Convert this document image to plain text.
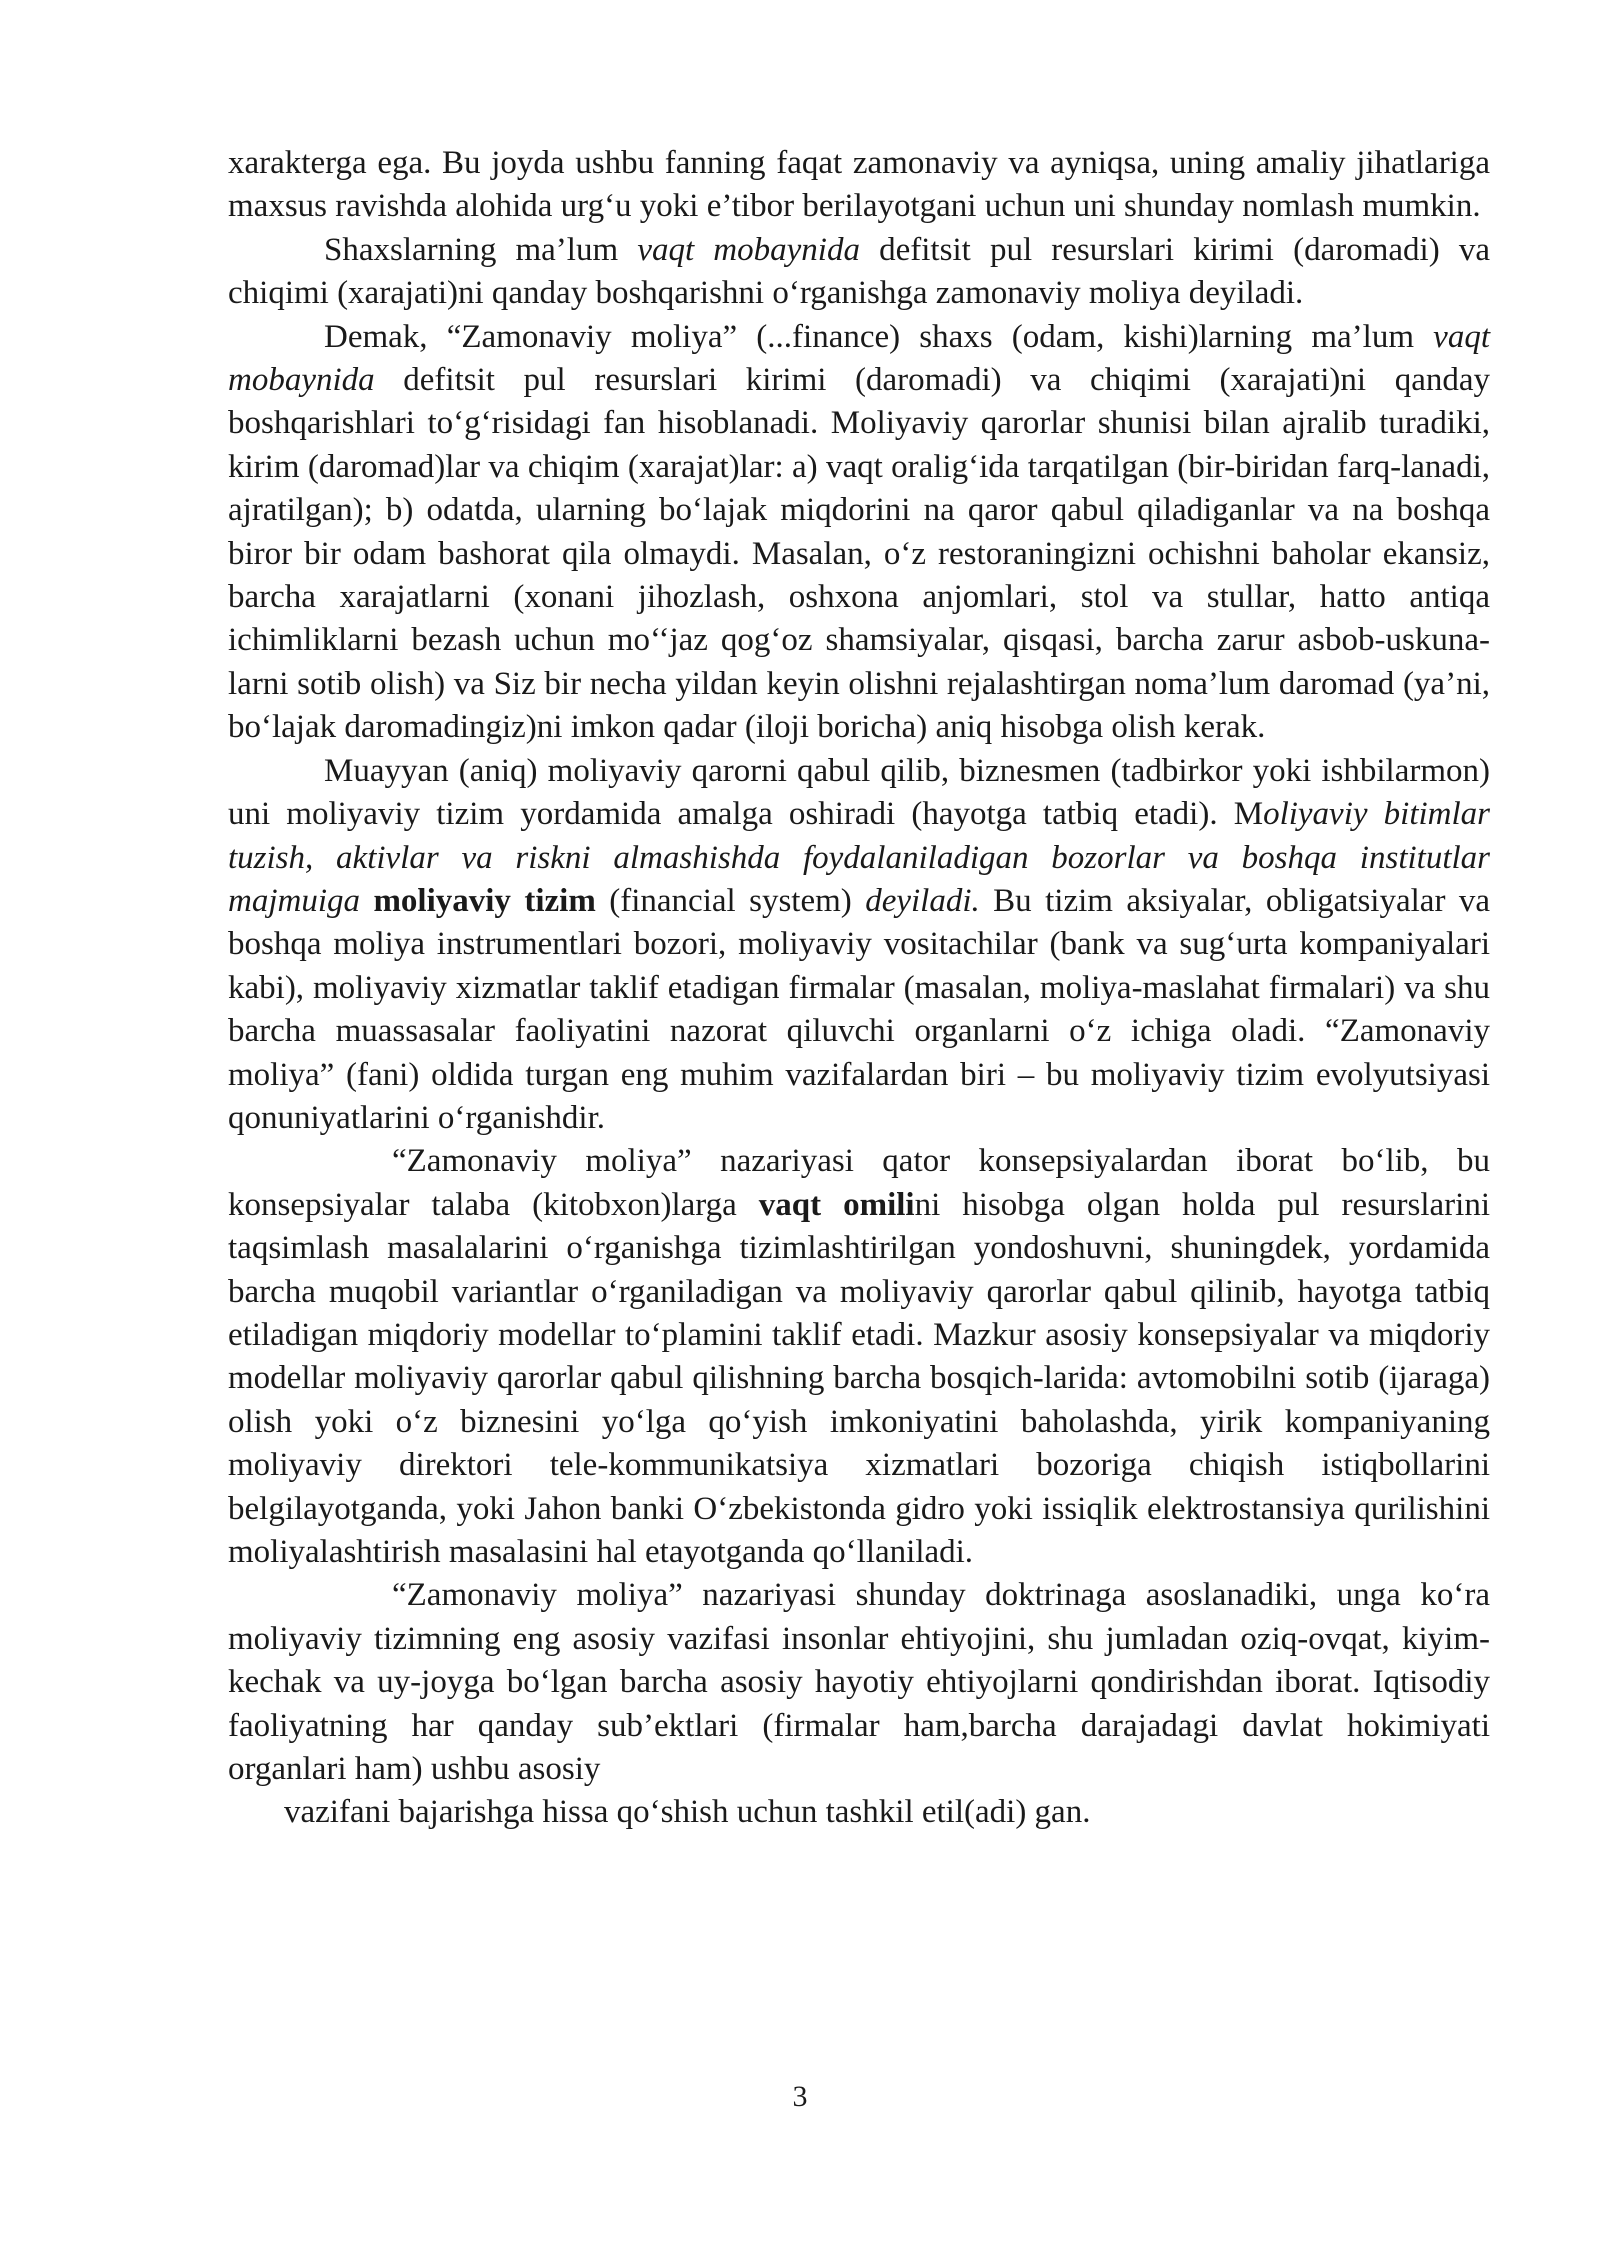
xarakterga ega. Bu joyda ushbu fanning faqat zamonaviy va ayniqsa, uning amaliy jihatlariga maxsus ravishda alohida urg‘u yoki e’tibor berilayotgani uchun uni shunday nomlash mumkin.

Shaxslarning ma’lum vaqt mobaynida defitsit pul resurslari kirimi (daromadi) va chiqimi (xarajati)ni qanday boshqarishni o‘rganishga zamonaviy moliya deyiladi.

Demak, “Zamonaviy moliya” (...finance) shaxs (odam, kishi)larning ma’lum vaqt mobaynida defitsit pul resurslari kirimi (daromadi) va chiqimi (xarajati)ni qanday boshqarishlari to‘g‘risidagi fan hisoblanadi. Moliyaviy qarorlar shunisi bilan ajralib turadiki, kirim (daromad)lar va chiqim (xarajat)lar: a) vaqt oralig‘ida tarqatilgan (bir-biridan farq-lanadi, ajratilgan); b) odatda, ularning bo‘lajak miqdorini na qaror qabul qiladiganlar va na boshqa biror bir odam bashorat qila olmaydi. Masalan, o‘z restoraningizni ochishni baholar ekansiz, barcha xarajatlarni (xonani jihozlash, oshxona anjomlari, stol va stullar, hatto antiqa ichimliklarni bezash uchun mo‘‘jaz qog‘oz shamsiyalar, qisqasi, barcha zarur asbob-uskuna-larni sotib olish) va Siz bir necha yildan keyin olishni rejalashtirgan noma’lum daromad (ya’ni, bo‘lajak daromadingiz)ni imkon qadar (iloji boricha) aniq hisobga olish kerak.

Muayyan (aniq) moliyaviy qarorni qabul qilib, biznesmen (tadbirkor yoki ishbilarmon) uni moliyaviy tizim yordamida amalga oshiradi (hayotga tatbiq etadi). Moliyaviy bitimlar tuzish, aktivlar va riskni almashishda foydalaniladigan bozorlar va boshqa institutlar majmuiga moliyaviy tizim (financial system) deyiladi. Bu tizim aksiyalar, obligatsiyalar va boshqa moliya instrumentlari bozori, moliyaviy vositachilar (bank va sug‘urta kompaniyalari kabi), moliyaviy xizmatlar taklif etadigan firmalar (masalan, moliya-maslahat firmalari) va shu barcha muassasalar faoliyatini nazorat qiluvchi organlarni o‘z ichiga oladi. “Zamonaviy moliya” (fani) oldida turgan eng muhim vazifalardan biri – bu moliyaviy tizim evolyutsiyasi qonuniyatlarini o‘rganishdir.

“Zamonaviy moliya” nazariyasi qator konsepsiyalardan iborat bo‘lib, bu konsepsiyalar talaba (kitobxon)larga vaqt omilini hisobga olgan holda pul resurslarini taqsimlash masalalarini o‘rganishga tizimlashtirilgan yondoshuvni, shuningdek, yordamida barcha muqobil variantlar o‘rganiladigan va moliyaviy qarorlar qabul qilinib, hayotga tatbiq etiladigan miqdoriy modellar to‘plamini taklif etadi. Mazkur asosiy konsepsiyalar va miqdoriy modellar moliyaviy qarorlar qabul qilishning barcha bosqich-larida: avtomobilni sotib (ijaraga) olish yoki o‘z biznesini yo‘lga qo‘yish imkoniyatini baholashda, yirik kompaniyaning moliyaviy direktori tele-kommunikatsiya xizmatlari bozoriga chiqish istiqbollarini belgilayotganda, yoki Jahon banki O‘zbekistonda gidro yoki issiqlik elektrostansiya qurilishini moliyalashtirish masalasini hal etayotganda qo‘llaniladi.

“Zamonaviy moliya” nazariyasi shunday doktrinaga asoslanadiki, unga ko‘ra moliyaviy tizimning eng asosiy vazifasi insonlar ehtiyojini, shu jumladan oziq-ovqat, kiyim-kechak va uy-joyga bo‘lgan barcha asosiy hayotiy ehtiyojlarni qondirishdan iborat. Iqtisodiy faoliyatning har qanday sub’ektlari (firmalar ham,barcha darajadagi davlat hokimiyati organlari ham) ushbu asosiy

vazifani bajarishga hissa qo‘shish uchun tashkil etil(adi) gan.

3
